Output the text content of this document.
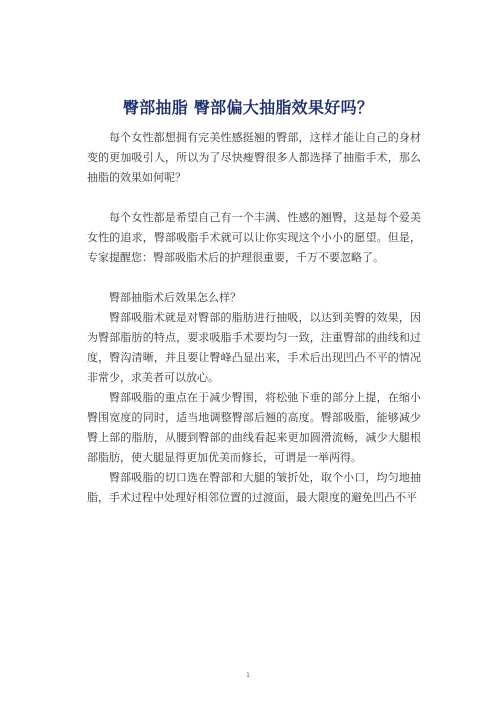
臀部抽脂 臀部偏大抽脂效果好吗？

每个女性都想拥有完美性感挺翘的臀部，这样才能让自己的身材变的更加吸引人，所以为了尽快瘦臀很多人都选择了抽脂手术，那么抽脂的效果如何呢？

每个女性都是希望自己有一个丰满、性感的翘臀，这是每个爱美女性的追求，臀部吸脂手术就可以让你实现这个小小的愿望。但是，专家提醒您：臀部吸脂术后的护理很重要，千万不要忽略了。

臀部抽脂术后效果怎么样？

臀部吸脂术就是对臀部的脂肪进行抽吸，以达到美臀的效果，因为臀部脂肪的特点，要求吸脂手术要均匀一致，注重臀部的曲线和过度，臀沟清晰，并且要让臀峰凸显出来，手术后出现凹凸不平的情况非常少，求美者可以放心。

臀部吸脂的重点在于减少臀围，将松弛下垂的部分上提，在缩小臀围宽度的同时，适当地调整臀部后翘的高度。臀部吸脂，能够减少臀上部的脂肪，从腰到臀部的曲线看起来更加圆滑流畅，减少大腿根部脂肪，使大腿显得更加优美而修长，可谓是一举两得。

臀部吸脂的切口选在臀部和大腿的皱折处，取个小口，均匀地抽脂，手术过程中处理好相邻位置的过渡面，最大限度的避免凹凸不平

1
